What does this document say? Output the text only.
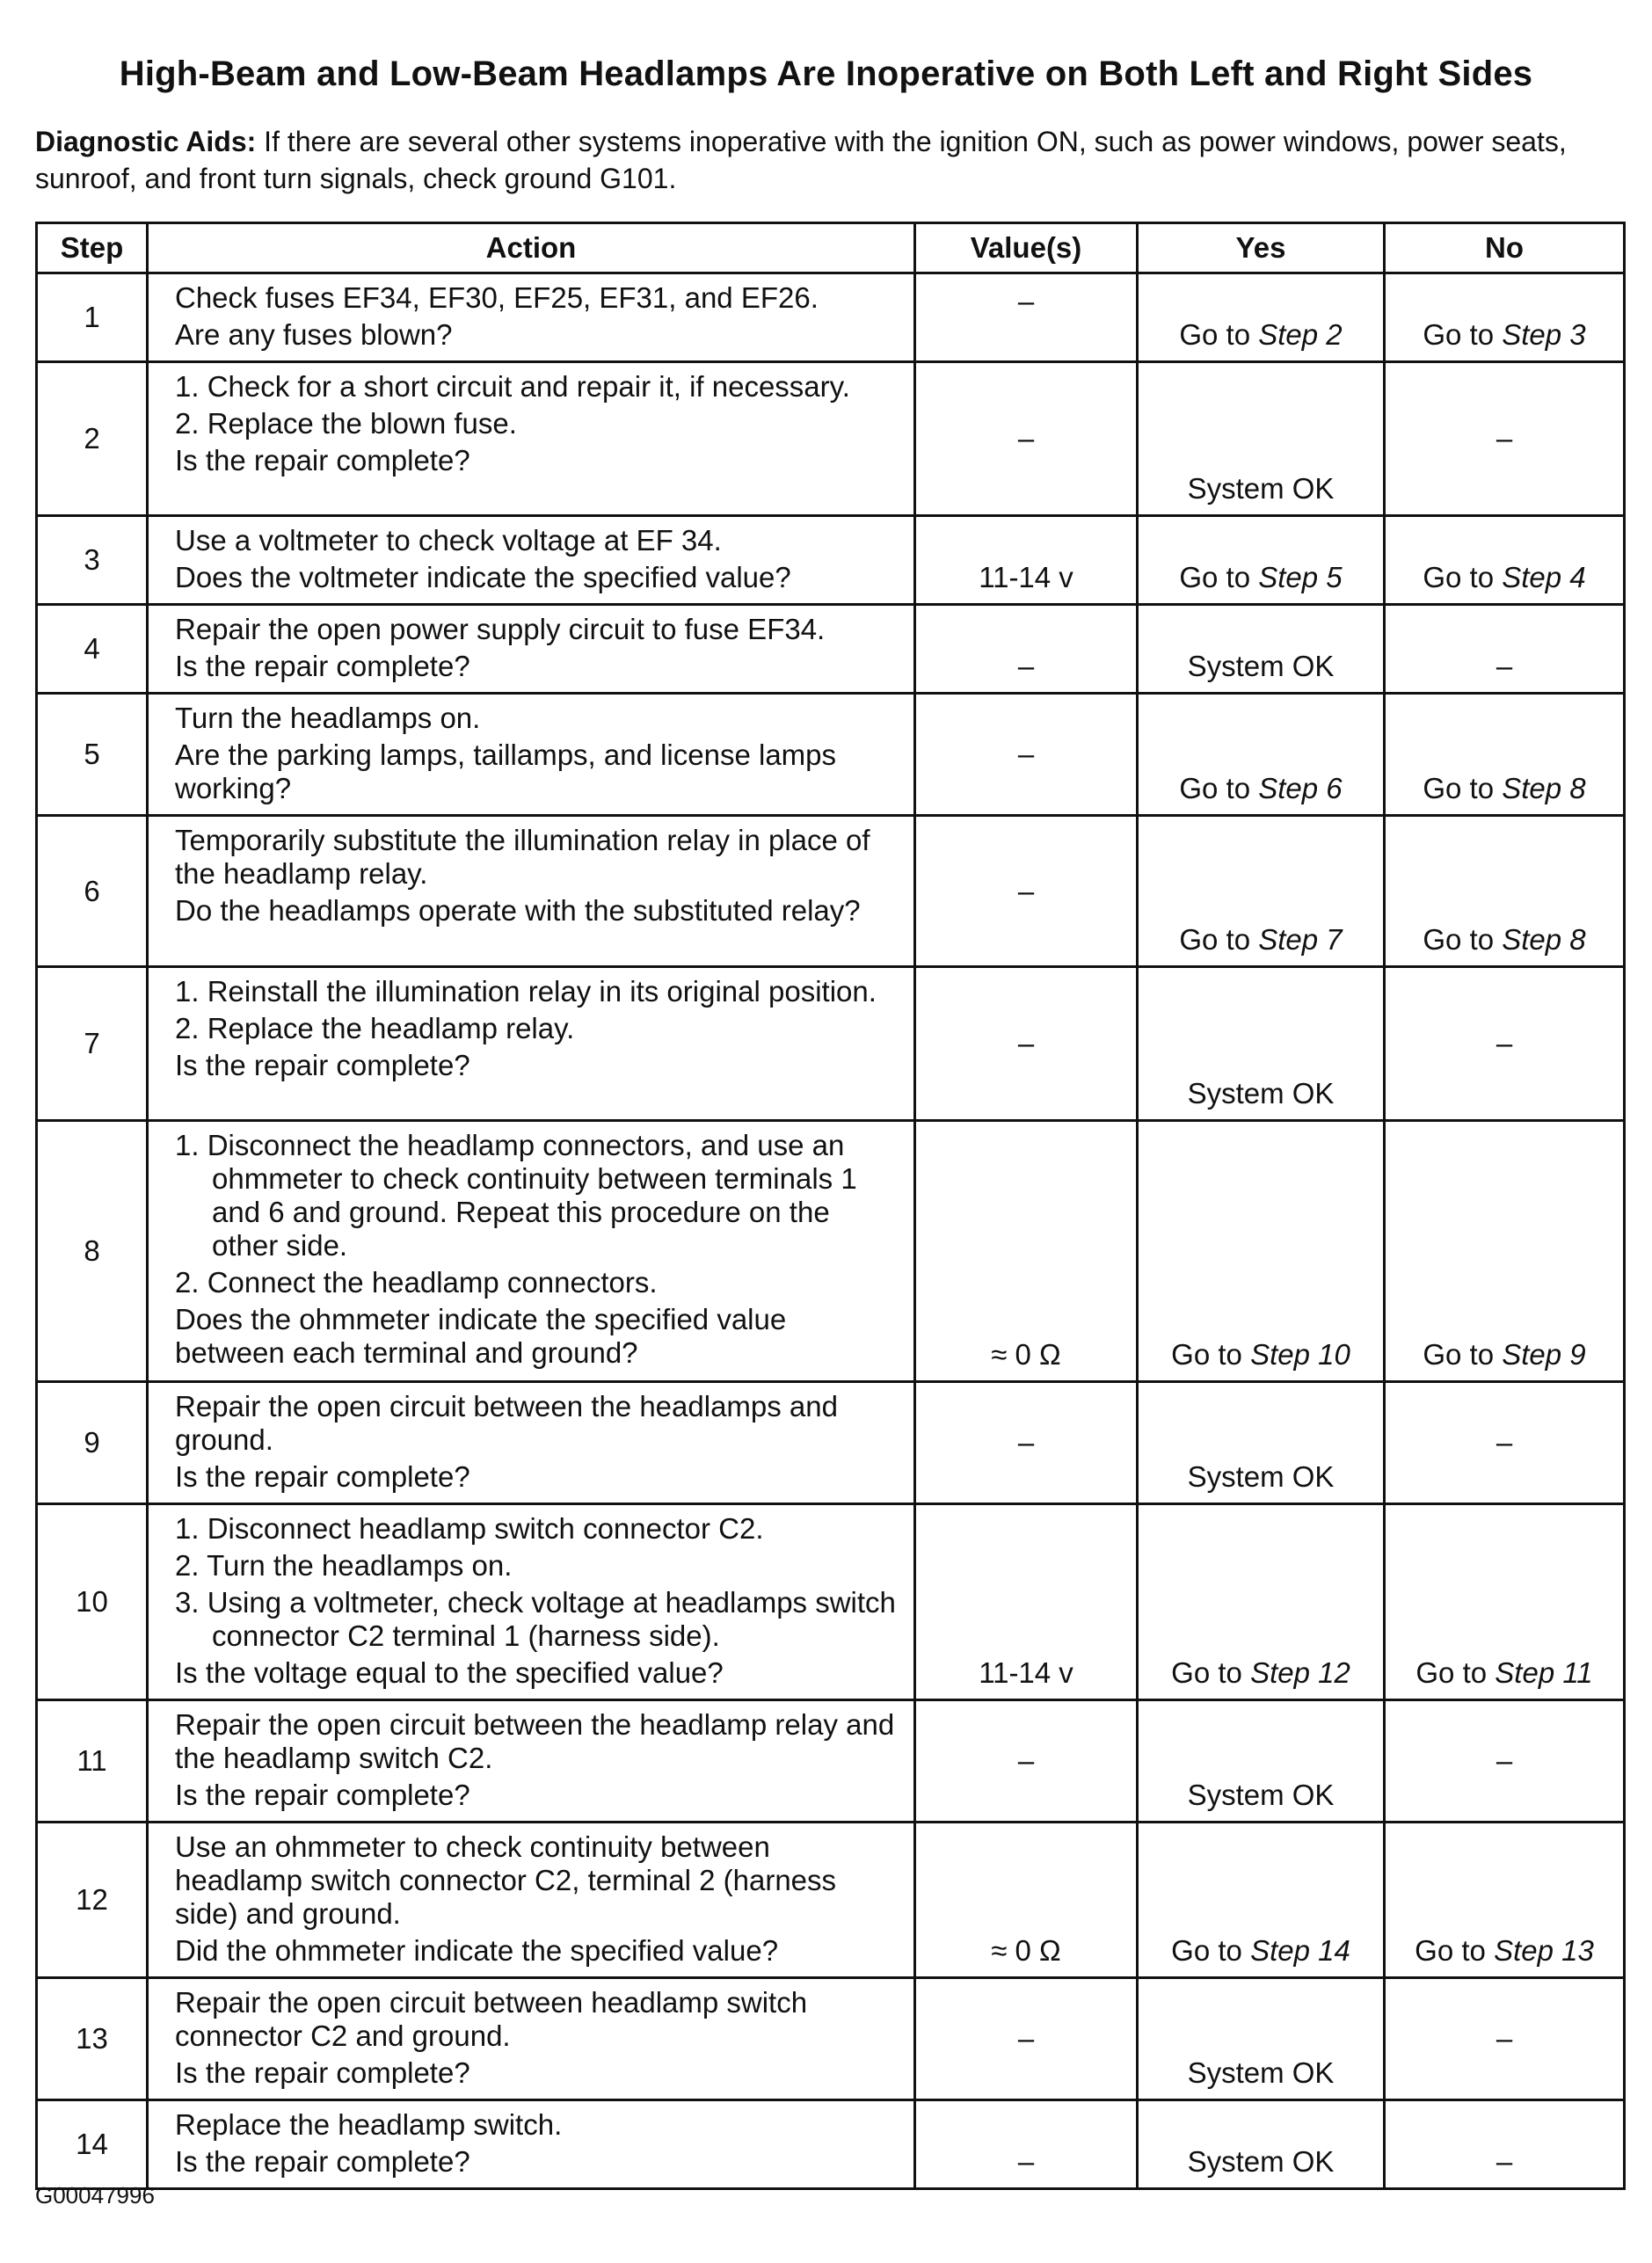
High-Beam and Low-Beam Headlamps Are Inoperative on Both Left and Right Sides
Diagnostic Aids: If there are several other systems inoperative with the ignition ON, such as power windows, power seats, sunroof, and front turn signals, check ground G101.
Step	Action	Value(s)	Yes	No
1	Check fuses EF34, EF30, EF25, EF31, and EF26.
Are any fuses blown?	–	Go to Step 2	Go to Step 3

2	1. Check for a short circuit and repair it, if necessary.
2. Replace the blown fuse.
Is the repair complete?	–	System OK	–

3	Use a voltmeter to check voltage at EF 34.
Does the voltmeter indicate the specified value?	11-14 v	Go to Step 5	Go to Step 4

4	Repair the open power supply circuit to fuse EF34.
Is the repair complete?	–	System OK	–

5	Turn the headlamps on.
Are the parking lamps, taillamps, and license lamps working?	–	Go to Step 6	Go to Step 8

6	Temporarily substitute the illumination relay in place of the headlamp relay.
Do the headlamps operate with the substituted relay?	–	Go to Step 7	Go to Step 8

7	1. Reinstall the illumination relay in its original position.
2. Replace the headlamp relay.
Is the repair complete?	–	System OK	–

8	1. Disconnect the headlamp connectors, and use an ohmmeter to check continuity between terminals 1 and 6 and ground. Repeat this procedure on the other side.
2. Connect the headlamp connectors.
Does the ohmmeter indicate the specified value between each terminal and ground?	≈ 0 Ω	Go to Step 10	Go to Step 9

9	Repair the open circuit between the headlamps and ground.
Is the repair complete?	–	System OK	–

10	1. Disconnect headlamp switch connector C2.
2. Turn the headlamps on.
3. Using a voltmeter, check voltage at headlamps switch connector C2 terminal 1 (harness side).
Is the voltage equal to the specified value?	11-14 v	Go to Step 12	Go to Step 11

11	Repair the open circuit between the headlamp relay and the headlamp switch C2.
Is the repair complete?	–	System OK	–

12	Use an ohmmeter to check continuity between headlamp switch connector C2, terminal 2 (harness side) and ground.
Did the ohmmeter indicate the specified value?	≈ 0 Ω	Go to Step 14	Go to Step 13

13	Repair the open circuit between headlamp switch connector C2 and ground.
Is the repair complete?	–	System OK	–

14	Replace the headlamp switch.
Is the repair complete?	–	System OK	–
G00047996
